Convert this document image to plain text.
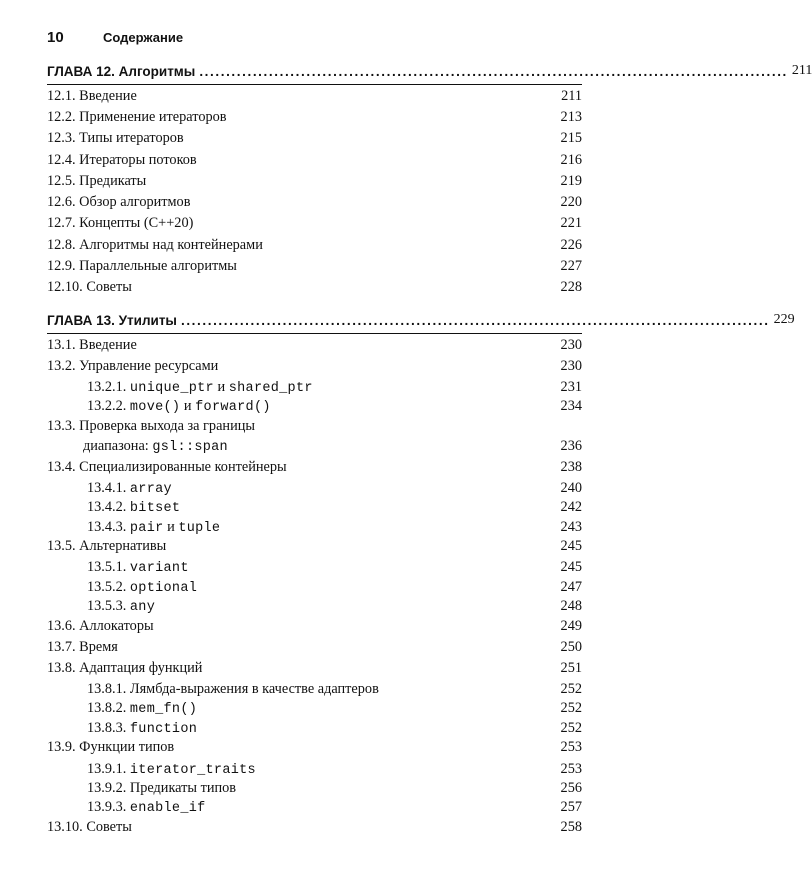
10	Содержание
ГЛАВА 12. Алгоритмы .............................................................................................................. 211
12.1. Введение	211
12.2. Применение итераторов	213
12.3. Типы итераторов	215
12.4. Итераторы потоков	216
12.5. Предикаты	219
12.6. Обзор алгоритмов	220
12.7. Концепты (C++20)	221
12.8. Алгоритмы над контейнерами	226
12.9. Параллельные алгоритмы	227
12.10. Советы	228
ГЛАВА 13. Утилиты .............................................................................................................. 229
13.1. Введение	230
13.2. Управление ресурсами	230
13.2.1. unique_ptr и shared_ptr	231
13.2.2. move() и forward()	234
13.3. Проверка выхода за границы
диапазона: gsl::span	236
13.4. Специализированные контейнеры	238
13.4.1. array	240
13.4.2. bitset	242
13.4.3. pair и tuple	243
13.5. Альтернативы	245
13.5.1. variant	245
13.5.2. optional	247
13.5.3. any	248
13.6. Аллокаторы	249
13.7. Время	250
13.8. Адаптация функций	251
13.8.1. Лямбда-выражения в качестве адаптеров	252
13.8.2. mem_fn()	252
13.8.3. function	252
13.9. Функции типов	253
13.9.1. iterator_traits	253
13.9.2. Предикаты типов	256
13.9.3. enable_if	257
13.10. Советы	258
